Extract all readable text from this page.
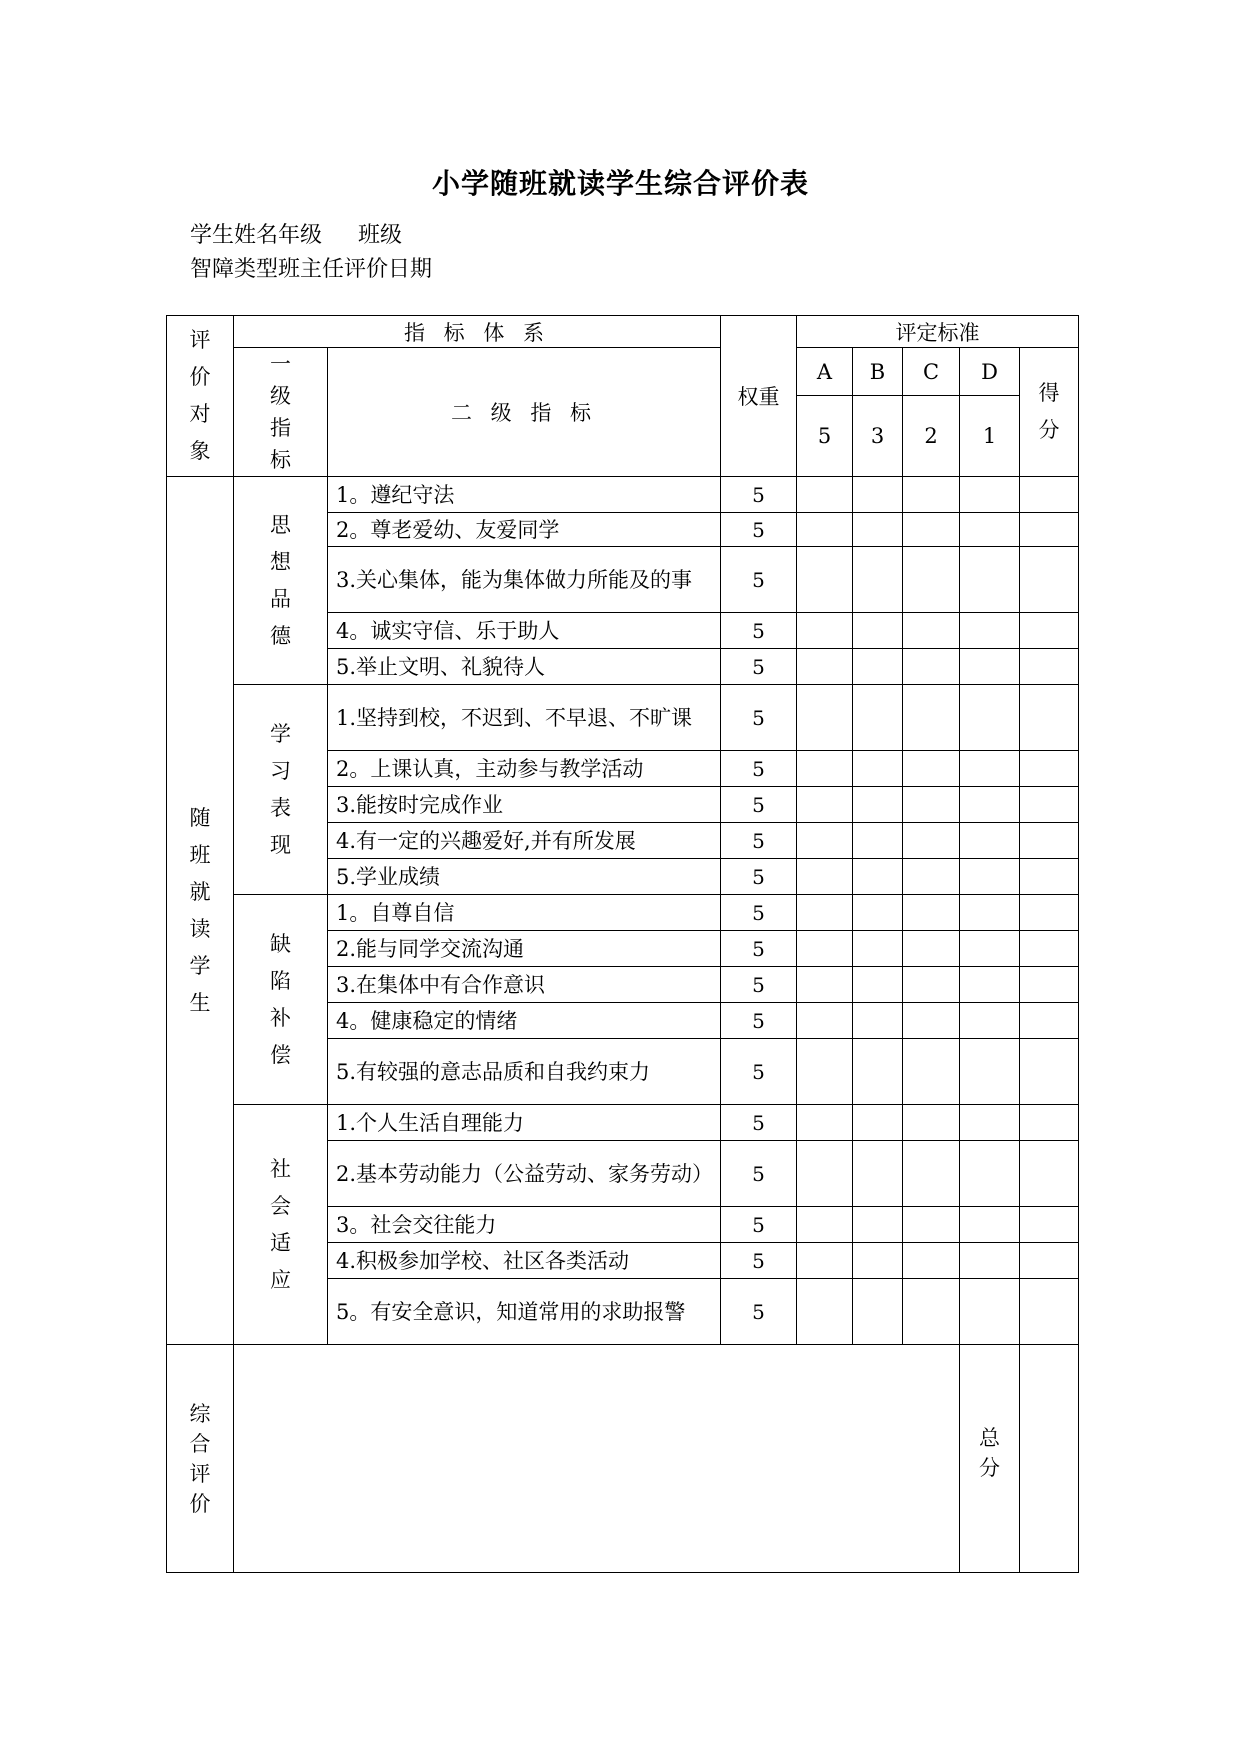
小学随班就读学生综合评价表
学生姓名年级 班级
智障类型班主任评价日期
评价对象	指 标 体 系		权重	评定标准				
	一级指标	二 级 指 标		A	B	C	D	得分
				5	3	2	1	
随班就读学生	思想品德	1。遵纪守法	5					
		2。尊老爱幼、友爱同学	5					
		3.关心集体，能为集体做力所能及的事	5					
		4。诚实守信、乐于助人	5					
		5.举止文明、礼貌待人	5					
	学习表现	1.坚持到校，不迟到、不早退、不旷课	5					
		2。上课认真，主动参与教学活动	5					
		3.能按时完成作业	5					
		4.有一定的兴趣爱好,并有所发展	5					
		5.学业成绩	5					
	缺陷补偿	1。自尊自信	5					
		2.能与同学交流沟通	5					
		3.在集体中有合作意识	5					
		4。健康稳定的情绪	5					
		5.有较强的意志品质和自我约束力	5					
	社会适应	1.个人生活自理能力	5					
		2.基本劳动能力（公益劳动、家务劳动）	5					
		3。社会交往能力	5					
		4.积极参加学校、社区各类活动	5					
		5。有安全意识，知道常用的求助报警	5					
综合评价							总分	
